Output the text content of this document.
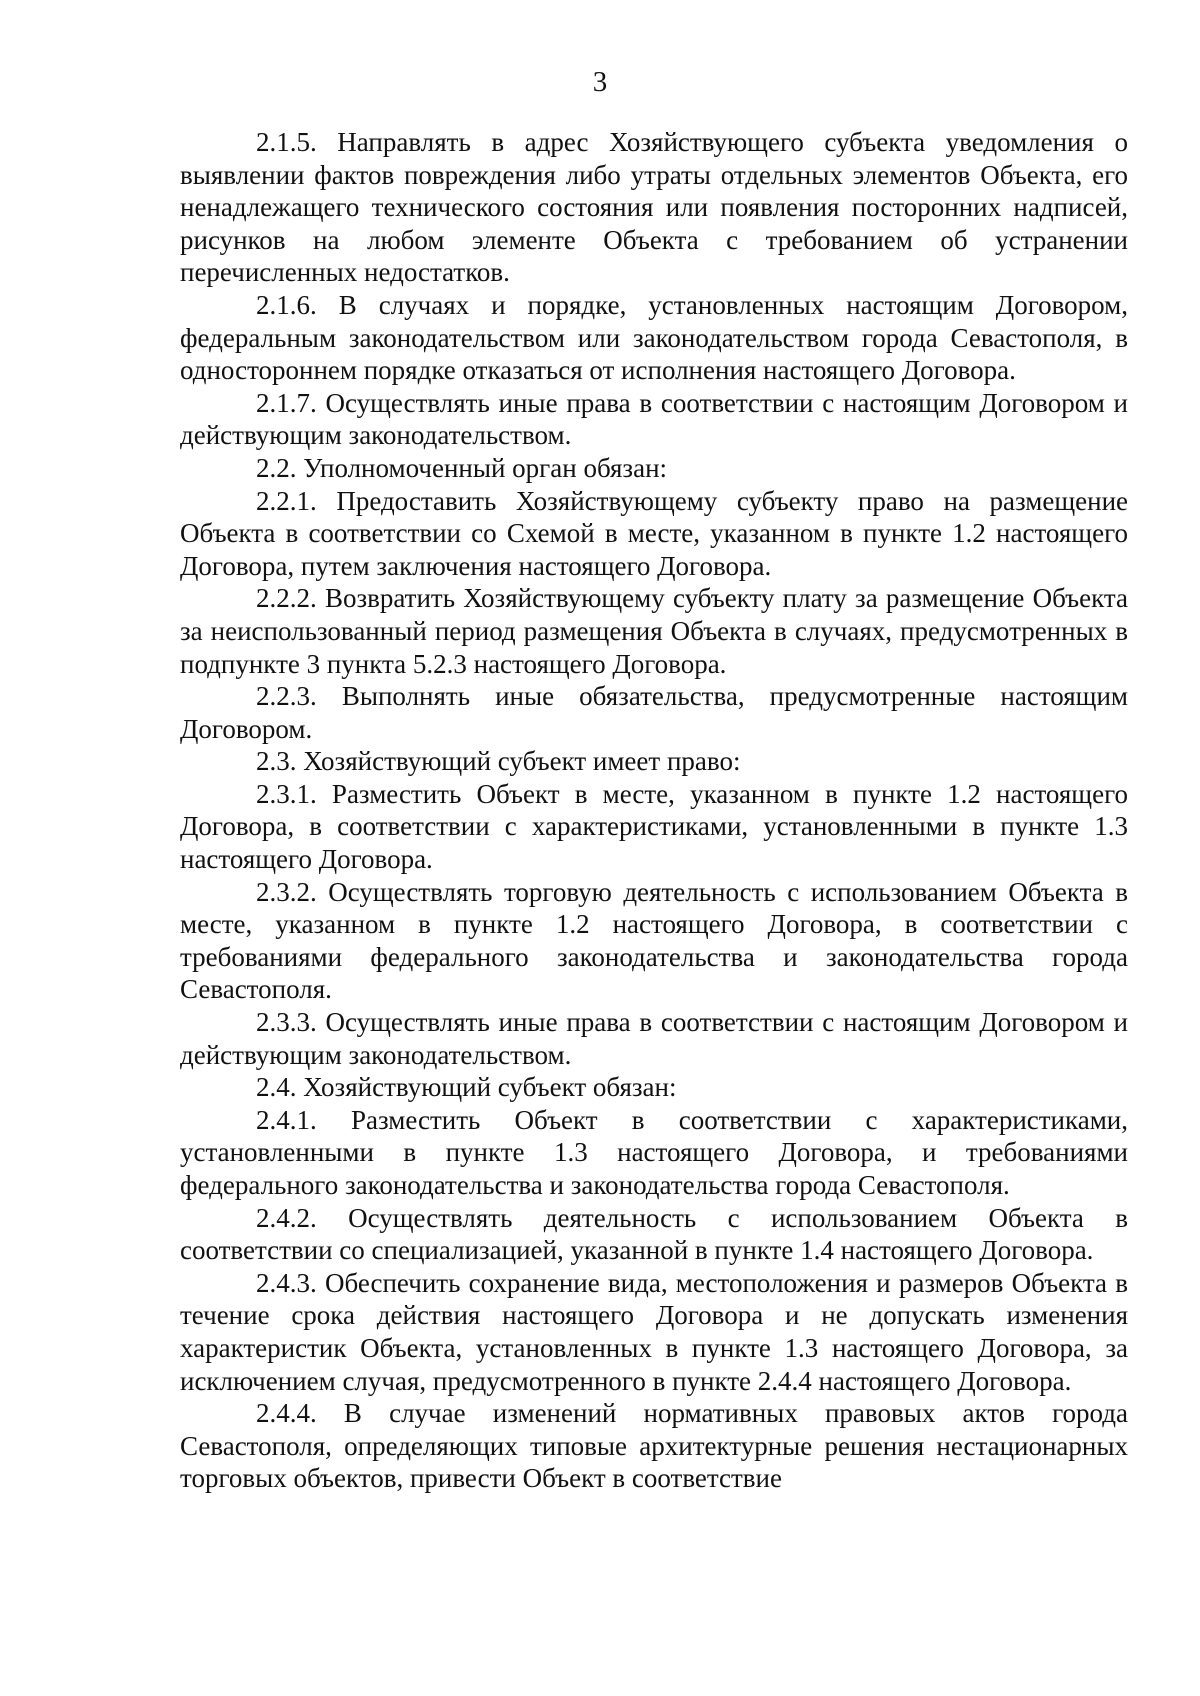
3

2.1.5. Направлять в адрес Хозяйствующего субъекта уведомления о выявлении фактов повреждения либо утраты отдельных элементов Объекта, его ненадлежащего технического состояния или появления посторонних надписей, рисунков на любом элементе Объекта с требованием об устранении перечисленных недостатков.

2.1.6. В случаях и порядке, установленных настоящим Договором, федеральным законодательством или законодательством города Севастополя, в одностороннем порядке отказаться от исполнения настоящего Договора.

2.1.7. Осуществлять иные права в соответствии с настоящим Договором и действующим законодательством.

2.2. Уполномоченный орган обязан:

2.2.1. Предоставить Хозяйствующему субъекту право на размещение Объекта в соответствии со Схемой в месте, указанном в пункте 1.2 настоящего Договора, путем заключения настоящего Договора.

2.2.2. Возвратить Хозяйствующему субъекту плату за размещение Объекта за неиспользованный период размещения Объекта в случаях, предусмотренных в подпункте 3 пункта 5.2.3 настоящего Договора.

2.2.3. Выполнять иные обязательства, предусмотренные настоящим Договором.

2.3. Хозяйствующий субъект имеет право:

2.3.1. Разместить Объект в месте, указанном в пункте 1.2 настоящего Договора, в соответствии с характеристиками, установленными в пункте 1.3 настоящего Договора.

2.3.2. Осуществлять торговую деятельность с использованием Объекта в месте, указанном в пункте 1.2 настоящего Договора, в соответствии с требованиями федерального законодательства и законодательства города Севастополя.

2.3.3. Осуществлять иные права в соответствии с настоящим Договором и действующим законодательством.

2.4. Хозяйствующий субъект обязан:

2.4.1. Разместить Объект в соответствии с характеристиками, установленными в пункте 1.3 настоящего Договора, и требованиями федерального законодательства и законодательства города Севастополя.

2.4.2. Осуществлять деятельность с использованием Объекта в соответствии со специализацией, указанной в пункте 1.4 настоящего Договора.

2.4.3. Обеспечить сохранение вида, местоположения и размеров Объекта в течение срока действия настоящего Договора и не допускать изменения характеристик Объекта, установленных в пункте 1.3 настоящего Договора, за исключением случая, предусмотренного в пункте 2.4.4 настоящего Договора.

2.4.4. В случае изменений нормативных правовых актов города Севастополя, определяющих типовые архитектурные решения нестационарных торговых объектов, привести Объект в соответствие
